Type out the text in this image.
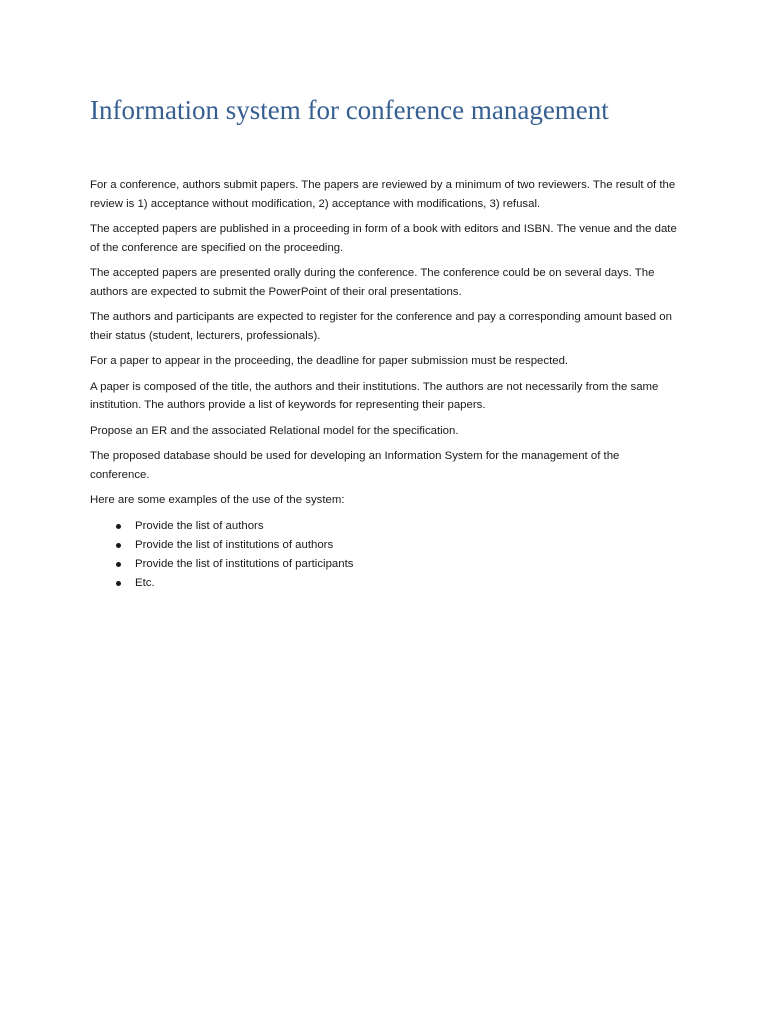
Information system for conference management

For a conference, authors submit papers. The papers are reviewed by a minimum of two reviewers. The result of the review is 1) acceptance without modification, 2) acceptance with modifications, 3) refusal.

The accepted papers are published in a proceeding in form of a book with editors and ISBN. The venue and the date of the conference are specified on the proceeding.

The accepted papers are presented orally during the conference. The conference could be on several days. The authors are expected to submit the PowerPoint of their oral presentations.

The authors and participants are expected to register for the conference and pay a corresponding amount based on their status (student, lecturers, professionals).

For a paper to appear in the proceeding, the deadline for paper submission must be respected.

A paper is composed of the title, the authors and their institutions. The authors are not necessarily from the same institution. The authors provide a list of keywords for representing their papers.

Propose an ER and the associated Relational model for the specification.

The proposed database should be used for developing an Information System for the management of the conference.

Here are some examples of the use of the system:

Provide the list of authors
Provide the list of institutions of authors
Provide the list of institutions of participants
Etc.
